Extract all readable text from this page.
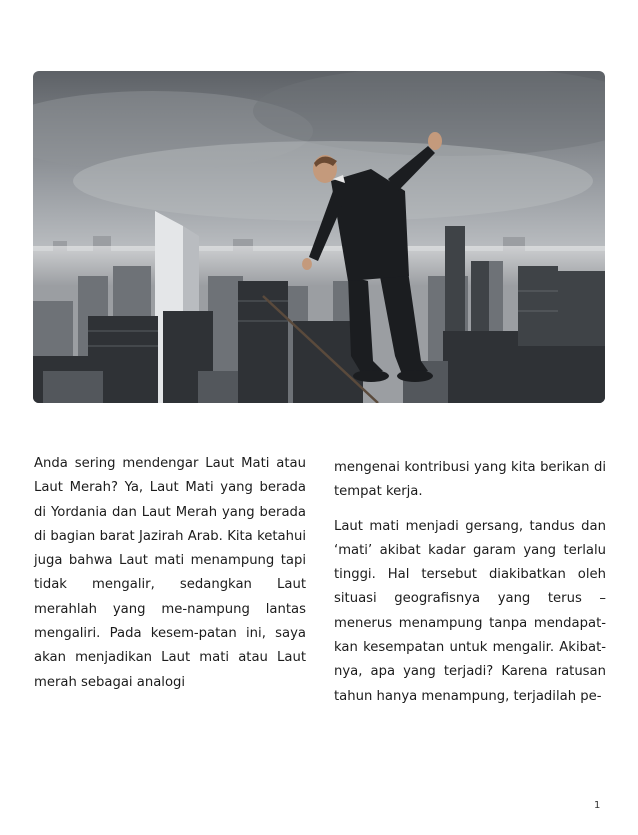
Anda sering mendengar Laut Mati atau Laut Merah? Ya, Laut Mati yang berada di Yordania dan Laut Merah yang berada di bagian barat Jazirah Arab. Kita ketahui juga bahwa Laut mati menampung tapi tidak mengalir, sedangkan Laut merahlah yang me-nampung lantas mengaliri. Pada kesem-patan ini, saya akan menjadikan Laut mati atau Laut merah sebagai analogi

mengenai kontribusi yang kita berikan di tempat kerja.

Laut mati menjadi gersang, tandus dan ‘mati’ akibat kadar garam yang terlalu tinggi. Hal tersebut diakibatkan oleh situasi geografisnya yang terus – menerus menampung tanpa mendapat-kan kesempatan untuk mengalir. Akibat-nya, apa yang terjadi? Karena ratusan tahun hanya menampung, terjadilah pe-

1
